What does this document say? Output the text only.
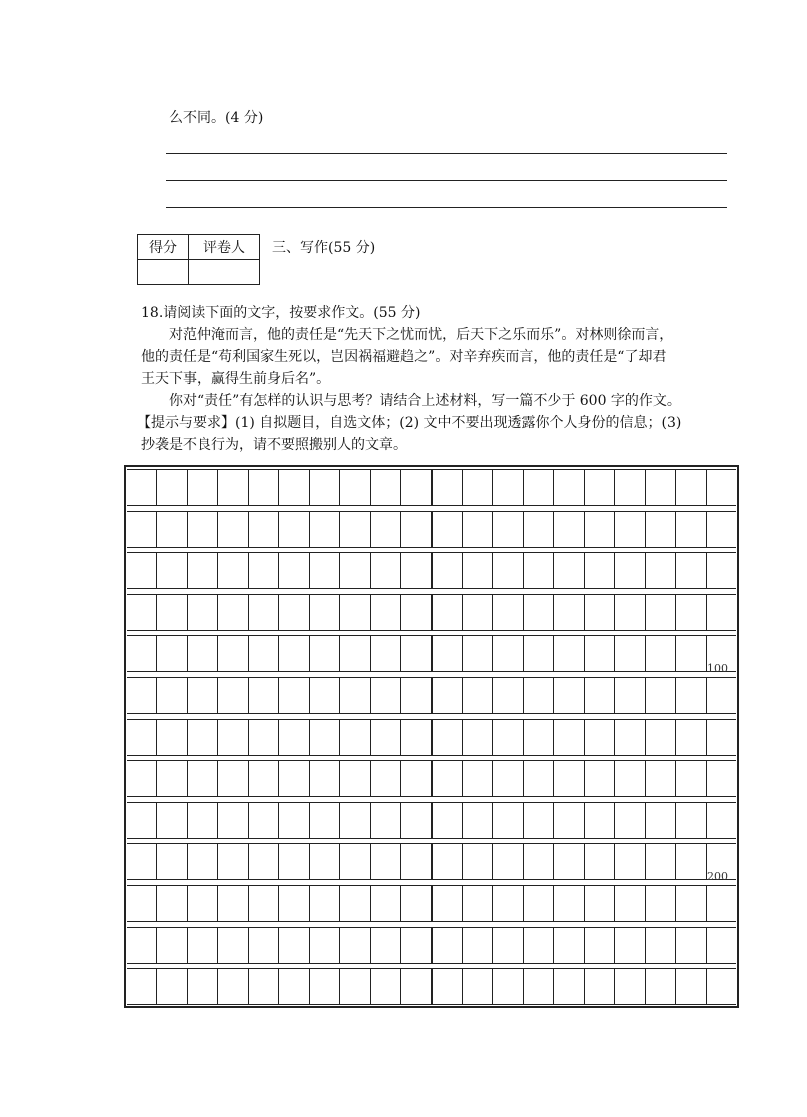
么不同。(4 分)
得分	评卷人
	三、写作(55 分)
18.请阅读下面的文字，按要求作文。(55 分)
对范仲淹而言，他的责任是“先天下之忧而忧，后天下之乐而乐”。对林则徐而言，
他的责任是“苟利国家生死以，岂因祸福避趋之”。对辛弃疾而言，他的责任是“了却君
王天下事，赢得生前身后名”。
你对“责任”有怎样的认识与思考？请结合上述材料，写一篇不少于 600 字的作文。
【提示与要求】(1) 自拟题目，自选文体；(2) 文中不要出现透露你个人身份的信息；(3)
抄袭是不良行为，请不要照搬别人的文章。
100
200
